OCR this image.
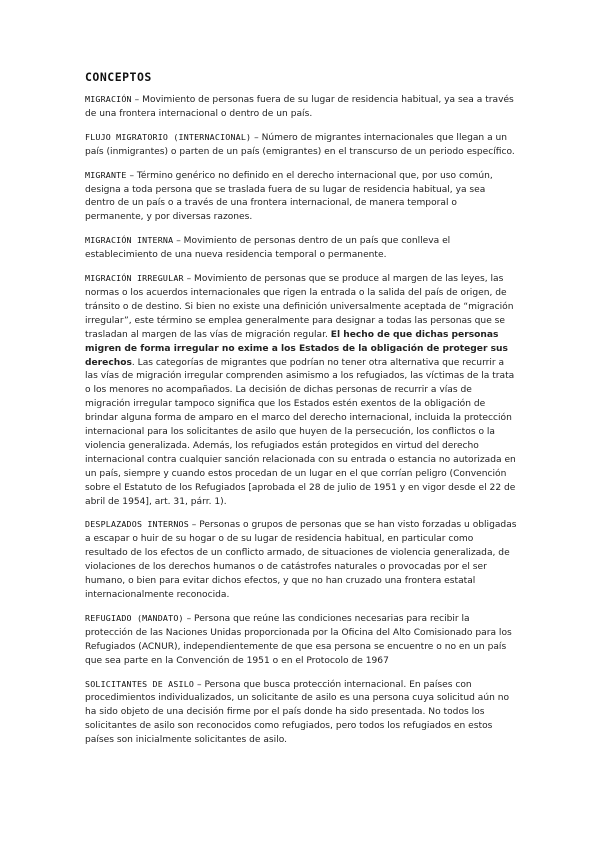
CONCEPTOS

MIGRACIÓN – Movimiento de personas fuera de su lugar de residencia habitual, ya sea a través de una frontera internacional o dentro de un país.

FLUJO MIGRATORIO (INTERNACIONAL) – Número de migrantes internacionales que llegan a un país (inmigrantes) o parten de un país (emigrantes) en el transcurso de un periodo específico.

MIGRANTE – Término genérico no definido en el derecho internacional que, por uso común, designa a toda persona que se traslada fuera de su lugar de residencia habitual, ya sea dentro de un país o a través de una frontera internacional, de manera temporal o permanente, y por diversas razones.

MIGRACIÓN INTERNA – Movimiento de personas dentro de un país que conlleva el establecimiento de una nueva residencia temporal o permanente.

MIGRACIÓN IRREGULAR – Movimiento de personas que se produce al margen de las leyes, las normas o los acuerdos internacionales que rigen la entrada o la salida del país de origen, de tránsito o de destino. Si bien no existe una definición universalmente aceptada de “migración irregular”, este término se emplea generalmente para designar a todas las personas que se trasladan al margen de las vías de migración regular. El hecho de que dichas personas migren de forma irregular no exime a los Estados de la obligación de proteger sus derechos. Las categorías de migrantes que podrían no tener otra alternativa que recurrir a las vías de migración irregular comprenden asimismo a los refugiados, las víctimas de la trata o los menores no acompañados. La decisión de dichas personas de recurrir a vías de migración irregular tampoco significa que los Estados estén exentos de la obligación de brindar alguna forma de amparo en el marco del derecho internacional, incluida la protección internacional para los solicitantes de asilo que huyen de la persecución, los conflictos o la violencia generalizada. Además, los refugiados están protegidos en virtud del derecho internacional contra cualquier sanción relacionada con su entrada o estancia no autorizada en un país, siempre y cuando estos procedan de un lugar en el que corrían peligro (Convención sobre el Estatuto de los Refugiados [aprobada el 28 de julio de 1951 y en vigor desde el 22 de abril de 1954], art. 31, párr. 1).

DESPLAZADOS INTERNOS – Personas o grupos de personas que se han visto forzadas u obligadas a escapar o huir de su hogar o de su lugar de residencia habitual, en particular como resultado de los efectos de un conflicto armado, de situaciones de violencia generalizada, de violaciones de los derechos humanos o de catástrofes naturales o provocadas por el ser humano, o bien para evitar dichos efectos, y que no han cruzado una frontera estatal internacionalmente reconocida.

REFUGIADO (MANDATO) – Persona que reúne las condiciones necesarias para recibir la protección de las Naciones Unidas proporcionada por la Oficina del Alto Comisionado para los Refugiados (ACNUR), independientemente de que esa persona se encuentre o no en un país que sea parte en la Convención de 1951 o en el Protocolo de 1967

SOLICITANTES DE ASILO – Persona que busca protección internacional. En países con procedimientos individualizados, un solicitante de asilo es una persona cuya solicitud aún no ha sido objeto de una decisión firme por el país donde ha sido presentada. No todos los solicitantes de asilo son reconocidos como refugiados, pero todos los refugiados en estos países son inicialmente solicitantes de asilo.
